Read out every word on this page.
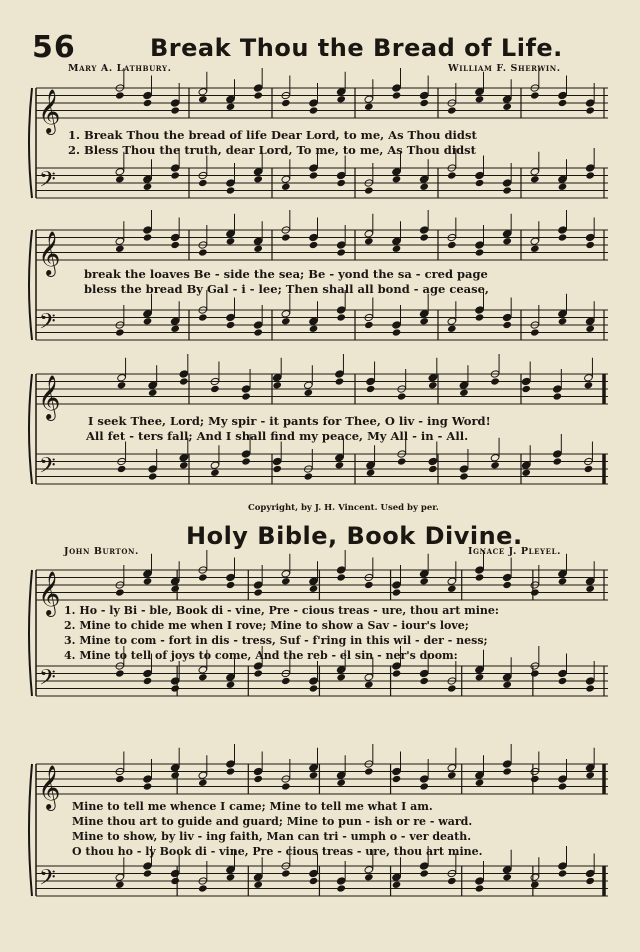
𝄞
𝄢
𝄞
𝄢
𝄞
𝄢
𝄞
𝄢
𝄞
𝄢
56	Break Thou the Bread of Life.
Mary A. Lathbury.	William F. Sherwin.
1. Break Thou the bread of life Dear Lord, to me, As Thou didst
2. Bless Thou the truth, dear Lord, To me, to me, As Thou didst
break the loaves Be - side the sea; Be - yond the sa - cred page
bless the bread By Gal - i - lee; Then shall all bond - age cease,
I seek Thee, Lord; My spir - it pants for Thee, O liv - ing Word!
All fet - ters fall; And I shall find my peace, My All - in - All.
Copyright, by J. H. Vincent. Used by per.
Holy Bible, Book Divine.
John Burton.	Ignace J. Pleyel.
1. Ho - ly Bi - ble, Book di - vine, Pre - cious treas - ure, thou art mine:
2. Mine to chide me when I rove; Mine to show a Sav - iour's love;
3. Mine to com - fort in dis - tress, Suf - f'ring in this wil - der - ness;
4. Mine to tell of joys to come, And the reb - el sin - ner's doom:
Mine to tell me whence I came; Mine to tell me what I am.
Mine thou art to guide and guard; Mine to pun - ish or re - ward.
Mine to show, by liv - ing faith, Man can tri - umph o - ver death.
O thou ho - ly Book di - vine, Pre - cious treas - ure, thou art mine.
